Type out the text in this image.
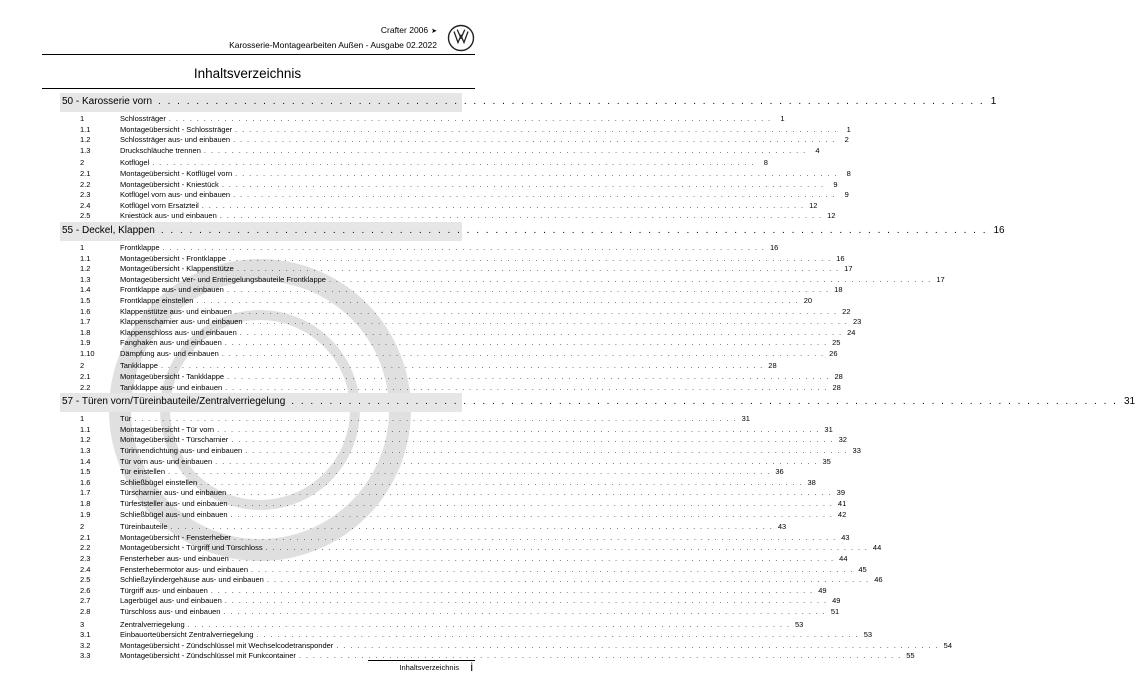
Crafter 2006 ➤
Karosserie-Montagearbeiten Außen - Ausgabe 02.2022
Inhaltsverzeichnis
50 - Karosserie vorn . . . . . . . . . . . . . . . . . . . . . . . . . . . . . . . . . . . . . . . . . . . . . . . . . . . . . . . . . . . . . . . . . . . . . . . . . . . . . . . . . . . . . . . 1
1	Schlossträger . . . . . . . . . . . . . . . . . . . . . . . . . . . . . . . . . . . . . . . . . . . . . . . . . . . . . . . . . . . . . . . . . . . . . . . . . . . . . . . . . . . . . . .	1
1.1	Montageübersicht - Schlossträger . . . . . . . . . . . . . . . . . . . . . . . . . . . . . . . . . . . . . . . . . . . . . . . . . . . . . . . . . . . . . . . . . . . . . . . . . . . . . . . . . . . . . . .	1
1.2	Schlossträger aus- und einbauen . . . . . . . . . . . . . . . . . . . . . . . . . . . . . . . . . . . . . . . . . . . . . . . . . . . . . . . . . . . . . . . . . . . . . . . . . . . . . . . . . . . . . . .	2
1.3	Druckschläuche trennen . . . . . . . . . . . . . . . . . . . . . . . . . . . . . . . . . . . . . . . . . . . . . . . . . . . . . . . . . . . . . . . . . . . . . . . . . . . . . . . . . . . . . . .	4
2	Kotflügel . . . . . . . . . . . . . . . . . . . . . . . . . . . . . . . . . . . . . . . . . . . . . . . . . . . . . . . . . . . . . . . . . . . . . . . . . . . . . . . . . . . . . . .	8
2.1	Montageübersicht - Kotflügel vorn . . . . . . . . . . . . . . . . . . . . . . . . . . . . . . . . . . . . . . . . . . . . . . . . . . . . . . . . . . . . . . . . . . . . . . . . . . . . . . . . . . . . . . .	8
2.2	Montageübersicht - Kniestück . . . . . . . . . . . . . . . . . . . . . . . . . . . . . . . . . . . . . . . . . . . . . . . . . . . . . . . . . . . . . . . . . . . . . . . . . . . . . . . . . . . . . . .	9
2.3	Kotflügel vorn aus- und einbauen . . . . . . . . . . . . . . . . . . . . . . . . . . . . . . . . . . . . . . . . . . . . . . . . . . . . . . . . . . . . . . . . . . . . . . . . . . . . . . . . . . . . . . .	9
2.4	Kotflügel vorn Ersatzteil . . . . . . . . . . . . . . . . . . . . . . . . . . . . . . . . . . . . . . . . . . . . . . . . . . . . . . . . . . . . . . . . . . . . . . . . . . . . . . . . . . . . . . . 12
2.5	Kniestück aus- und einbauen . . . . . . . . . . . . . . . . . . . . . . . . . . . . . . . . . . . . . . . . . . . . . . . . . . . . . . . . . . . . . . . . . . . . . . . . . . . . . . . . . . . . . . . 12
55 - Deckel, Klappen . . . . . . . . . . . . . . . . . . . . . . . . . . . . . . . . . . . . . . . . . . . . . . . . . . . . . . . . . . . . . . . . . . . . . . . . . . . . . . . . . . . . . . . 16
1	Frontklappe . . . . . . . . . . . . . . . . . . . . . . . . . . . . . . . . . . . . . . . . . . . . . . . . . . . . . . . . . . . . . . . . . . . . . . . . . . . . . . . . . . . . . . . 16
1.1	Montageübersicht - Frontklappe . . . . . . . . . . . . . . . . . . . . . . . . . . . . . . . . . . . . . . . . . . . . . . . . . . . . . . . . . . . . . . . . . . . . . . . . . . . . . . . . . . . . . . . 16
1.2	Montageübersicht - Klappenstütze . . . . . . . . . . . . . . . . . . . . . . . . . . . . . . . . . . . . . . . . . . . . . . . . . . . . . . . . . . . . . . . . . . . . . . . . . . . . . . . . . . . . . . . 17
1.3	Montageübersicht Ver- und Entriegelungsbauteile Frontklappe . . . . . . . . . . . . . . . . . . . . . . . . . . . . . . . . . . . . . . . . . . . . . . . . . . . . . . . . . . . . . . . . . . . . . . . . . . . . . . . . . . . . . . . 17
1.4	Frontklappe aus- und einbauen . . . . . . . . . . . . . . . . . . . . . . . . . . . . . . . . . . . . . . . . . . . . . . . . . . . . . . . . . . . . . . . . . . . . . . . . . . . . . . . . . . . . . . . 18
1.5	Frontklappe einstellen . . . . . . . . . . . . . . . . . . . . . . . . . . . . . . . . . . . . . . . . . . . . . . . . . . . . . . . . . . . . . . . . . . . . . . . . . . . . . . . . . . . . . . . 20
1.6	Klappenstütze aus- und einbauen . . . . . . . . . . . . . . . . . . . . . . . . . . . . . . . . . . . . . . . . . . . . . . . . . . . . . . . . . . . . . . . . . . . . . . . . . . . . . . . . . . . . . . . 22
1.7	Klappenscharnier aus- und einbauen . . . . . . . . . . . . . . . . . . . . . . . . . . . . . . . . . . . . . . . . . . . . . . . . . . . . . . . . . . . . . . . . . . . . . . . . . . . . . . . . . . . . . . . 23
1.8	Klappenschloss aus- und einbauen . . . . . . . . . . . . . . . . . . . . . . . . . . . . . . . . . . . . . . . . . . . . . . . . . . . . . . . . . . . . . . . . . . . . . . . . . . . . . . . . . . . . . . . 24
1.9	Fanghaken aus- und einbauen . . . . . . . . . . . . . . . . . . . . . . . . . . . . . . . . . . . . . . . . . . . . . . . . . . . . . . . . . . . . . . . . . . . . . . . . . . . . . . . . . . . . . . . 25
1.10	Dämpfung aus- und einbauen . . . . . . . . . . . . . . . . . . . . . . . . . . . . . . . . . . . . . . . . . . . . . . . . . . . . . . . . . . . . . . . . . . . . . . . . . . . . . . . . . . . . . . . 26
2	Tankklappe . . . . . . . . . . . . . . . . . . . . . . . . . . . . . . . . . . . . . . . . . . . . . . . . . . . . . . . . . . . . . . . . . . . . . . . . . . . . . . . . . . . . . . . 28
2.1	Montageübersicht - Tankklappe . . . . . . . . . . . . . . . . . . . . . . . . . . . . . . . . . . . . . . . . . . . . . . . . . . . . . . . . . . . . . . . . . . . . . . . . . . . . . . . . . . . . . . . 28
2.2	Tankklappe aus- und einbauen . . . . . . . . . . . . . . . . . . . . . . . . . . . . . . . . . . . . . . . . . . . . . . . . . . . . . . . . . . . . . . . . . . . . . . . . . . . . . . . . . . . . . . . 28
57 - Türen vorn/Türeinbauteile/Zentralverriegelung . . . . . . . . . . . . . . . . . . . . . . . . . . . . . . . . . . . . . . . . . . . . . . . . . . . . . . . . . . . . . . . . . . . . . . . . . . . . . . . . . . . . . . . 31
1	Tür . . . . . . . . . . . . . . . . . . . . . . . . . . . . . . . . . . . . . . . . . . . . . . . . . . . . . . . . . . . . . . . . . . . . . . . . . . . . . . . . . . . . . . . 31
1.1	Montageübersicht - Tür vorn . . . . . . . . . . . . . . . . . . . . . . . . . . . . . . . . . . . . . . . . . . . . . . . . . . . . . . . . . . . . . . . . . . . . . . . . . . . . . . . . . . . . . . . 31
1.2	Montageübersicht - Türscharnier . . . . . . . . . . . . . . . . . . . . . . . . . . . . . . . . . . . . . . . . . . . . . . . . . . . . . . . . . . . . . . . . . . . . . . . . . . . . . . . . . . . . . . . 32
1.3	Türinnendichtung aus- und einbauen . . . . . . . . . . . . . . . . . . . . . . . . . . . . . . . . . . . . . . . . . . . . . . . . . . . . . . . . . . . . . . . . . . . . . . . . . . . . . . . . . . . . . . . 33
1.4	Tür vorn aus- und einbauen . . . . . . . . . . . . . . . . . . . . . . . . . . . . . . . . . . . . . . . . . . . . . . . . . . . . . . . . . . . . . . . . . . . . . . . . . . . . . . . . . . . . . . . 35
1.5	Tür einstellen . . . . . . . . . . . . . . . . . . . . . . . . . . . . . . . . . . . . . . . . . . . . . . . . . . . . . . . . . . . . . . . . . . . . . . . . . . . . . . . . . . . . . . . 36
1.6	Schließbügel einstellen . . . . . . . . . . . . . . . . . . . . . . . . . . . . . . . . . . . . . . . . . . . . . . . . . . . . . . . . . . . . . . . . . . . . . . . . . . . . . . . . . . . . . . . 38
1.7	Türscharnier aus- und einbauen . . . . . . . . . . . . . . . . . . . . . . . . . . . . . . . . . . . . . . . . . . . . . . . . . . . . . . . . . . . . . . . . . . . . . . . . . . . . . . . . . . . . . . . 39
1.8	Türfeststeller aus- und einbauen . . . . . . . . . . . . . . . . . . . . . . . . . . . . . . . . . . . . . . . . . . . . . . . . . . . . . . . . . . . . . . . . . . . . . . . . . . . . . . . . . . . . . . . 41
1.9	Schließbügel aus- und einbauen . . . . . . . . . . . . . . . . . . . . . . . . . . . . . . . . . . . . . . . . . . . . . . . . . . . . . . . . . . . . . . . . . . . . . . . . . . . . . . . . . . . . . . . 42
2	Türeinbauteile . . . . . . . . . . . . . . . . . . . . . . . . . . . . . . . . . . . . . . . . . . . . . . . . . . . . . . . . . . . . . . . . . . . . . . . . . . . . . . . . . . . . . . . 43
2.1	Montageübersicht - Fensterheber . . . . . . . . . . . . . . . . . . . . . . . . . . . . . . . . . . . . . . . . . . . . . . . . . . . . . . . . . . . . . . . . . . . . . . . . . . . . . . . . . . . . . . . 43
2.2	Montageübersicht - Türgriff und Türschloss . . . . . . . . . . . . . . . . . . . . . . . . . . . . . . . . . . . . . . . . . . . . . . . . . . . . . . . . . . . . . . . . . . . . . . . . . . . . . . . . . . . . . . . 44
2.3	Fensterheber aus- und einbauen . . . . . . . . . . . . . . . . . . . . . . . . . . . . . . . . . . . . . . . . . . . . . . . . . . . . . . . . . . . . . . . . . . . . . . . . . . . . . . . . . . . . . . . 44
2.4	Fensterhebermotor aus- und einbauen . . . . . . . . . . . . . . . . . . . . . . . . . . . . . . . . . . . . . . . . . . . . . . . . . . . . . . . . . . . . . . . . . . . . . . . . . . . . . . . . . . . . . . . 45
2.5	Schließzylindergehäuse aus- und einbauen . . . . . . . . . . . . . . . . . . . . . . . . . . . . . . . . . . . . . . . . . . . . . . . . . . . . . . . . . . . . . . . . . . . . . . . . . . . . . . . . . . . . . . . 46
2.6	Türgriff aus- und einbauen . . . . . . . . . . . . . . . . . . . . . . . . . . . . . . . . . . . . . . . . . . . . . . . . . . . . . . . . . . . . . . . . . . . . . . . . . . . . . . . . . . . . . . . 49
2.7	Lagerbügel aus- und einbauen . . . . . . . . . . . . . . . . . . . . . . . . . . . . . . . . . . . . . . . . . . . . . . . . . . . . . . . . . . . . . . . . . . . . . . . . . . . . . . . . . . . . . . . 49
2.8	Türschloss aus- und einbauen . . . . . . . . . . . . . . . . . . . . . . . . . . . . . . . . . . . . . . . . . . . . . . . . . . . . . . . . . . . . . . . . . . . . . . . . . . . . . . . . . . . . . . . 51
3	Zentralverriegelung . . . . . . . . . . . . . . . . . . . . . . . . . . . . . . . . . . . . . . . . . . . . . . . . . . . . . . . . . . . . . . . . . . . . . . . . . . . . . . . . . . . . . . . 53
3.1	Einbauorteübersicht Zentralverriegelung . . . . . . . . . . . . . . . . . . . . . . . . . . . . . . . . . . . . . . . . . . . . . . . . . . . . . . . . . . . . . . . . . . . . . . . . . . . . . . . . . . . . . . . 53
3.2	Montageübersicht - Zündschlüssel mit Wechselcodetransponder . . . . . . . . . . . . . . . . . . . . . . . . . . . . . . . . . . . . . . . . . . . . . . . . . . . . . . . . . . . . . . . . . . . . . . . . . . . . . . . . . . . . . . . 54
3.3	Montageübersicht - Zündschlüssel mit Funkcontainer . . . . . . . . . . . . . . . . . . . . . . . . . . . . . . . . . . . . . . . . . . . . . . . . . . . . . . . . . . . . . . . . . . . . . . . . . . . . . . . . . . . . . . . 55
Inhaltsverzeichnis i
